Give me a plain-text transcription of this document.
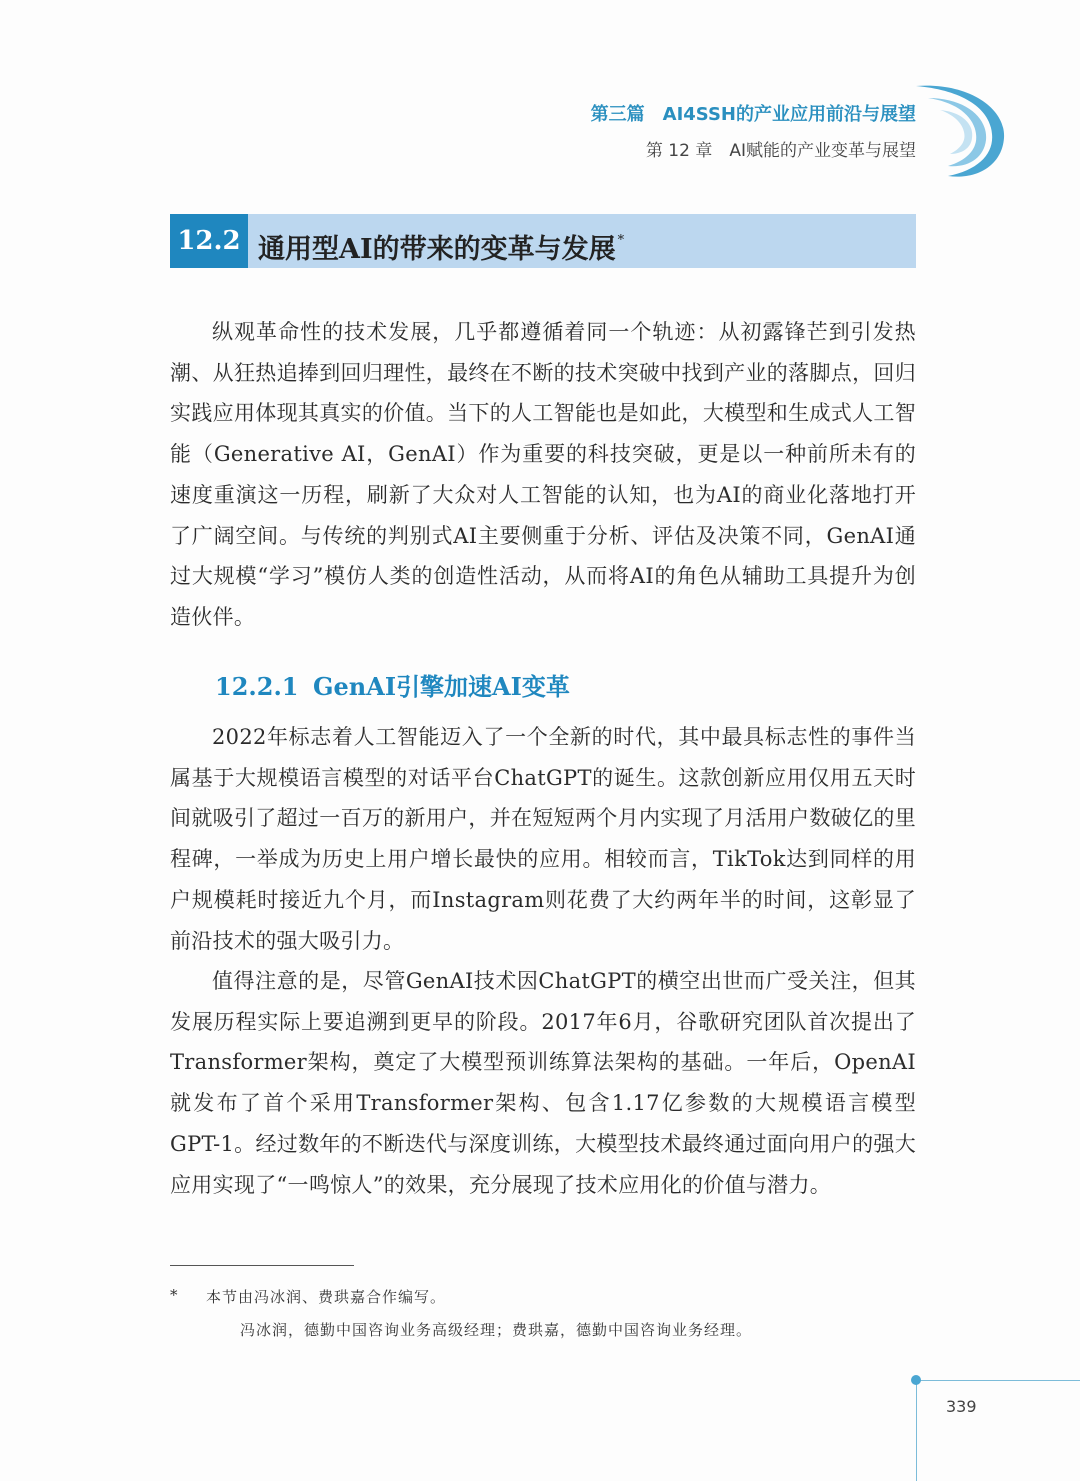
第三篇　AI4SSH的产业应用前沿与展望
第 12 章　AI赋能的产业变革与展望
12.2 通用型AI的带来的变革与发展 *

纵观革命性的技术发展，几乎都遵循着同一个轨迹：从初露锋芒到引发热潮、从狂热追捧到回归理性，最终在不断的技术突破中找到产业的落脚点，回归实践应用体现其真实的价值。当下的人工智能也是如此，大模型和生成式人工智能（Generative AI，GenAI）作为重要的科技突破，更是以一种前所未有的速度重演这一历程，刷新了大众对人工智能的认知，也为AI的商业化落地打开了广阔空间。与传统的判别式AI主要侧重于分析、评估及决策不同，GenAI通过大规模“学习”模仿人类的创造性活动，从而将AI的角色从辅助工具提升为创造伙伴。

12.2.1 GenAI引擎加速AI变革

2022年标志着人工智能迈入了一个全新的时代，其中最具标志性的事件当属基于大规模语言模型的对话平台ChatGPT的诞生。这款创新应用仅用五天时间就吸引了超过一百万的新用户，并在短短两个月内实现了月活用户数破亿的里程碑，一举成为历史上用户增长最快的应用。相较而言，TikTok达到同样的用户规模耗时接近九个月，而Instagram则花费了大约两年半的时间，这彰显了前沿技术的强大吸引力。

值得注意的是，尽管GenAI技术因ChatGPT的横空出世而广受关注，但其发展历程实际上要追溯到更早的阶段。2017年6月，谷歌研究团队首次提出了Transformer架构，奠定了大模型预训练算法架构的基础。一年后，OpenAI就发布了首个采用Transformer架构、包含1.17亿参数的大规模语言模型GPT-1。经过数年的不断迭代与深度训练，大模型技术最终通过面向用户的强大应用实现了“一鸣惊人”的效果，充分展现了技术应用化的价值与潜力。

* 本节由冯冰润、费珙嘉合作编写。
冯冰润，德勤中国咨询业务高级经理；费珙嘉，德勤中国咨询业务经理。
339
